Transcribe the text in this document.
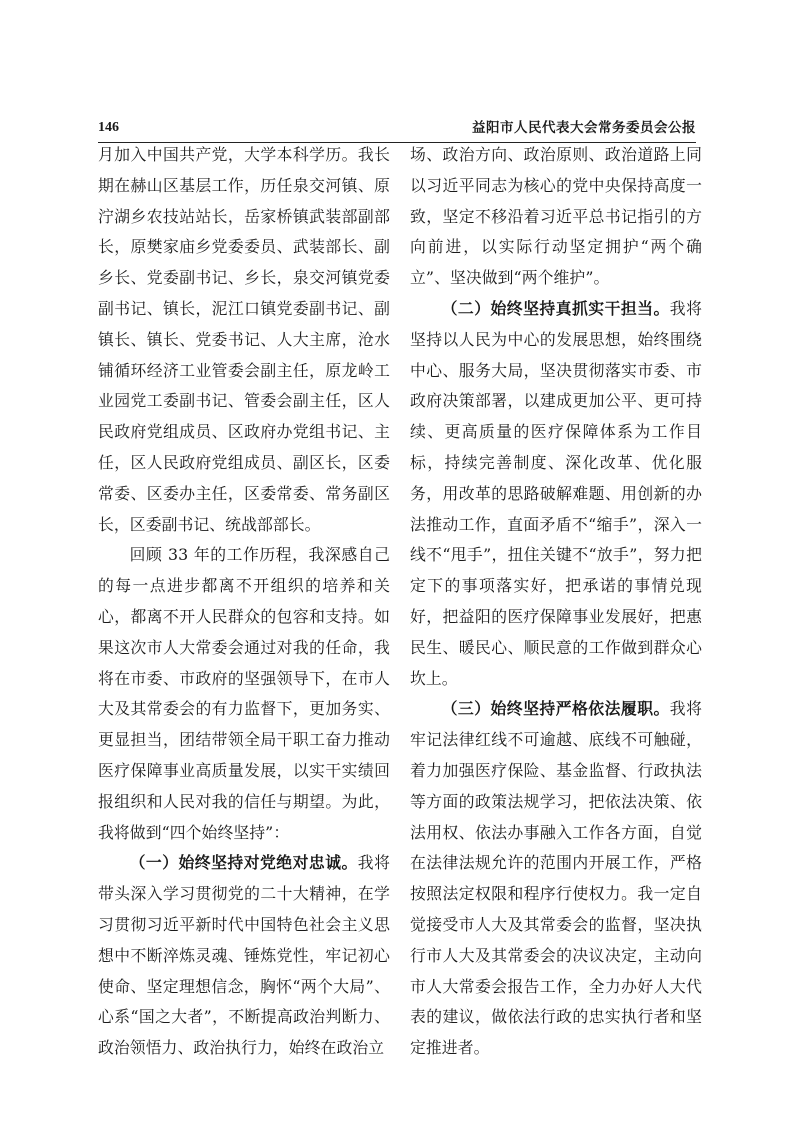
146	益阳市人民代表大会常务委员会公报

月加入中国共产党，大学本科学历。我长期在赫山区基层工作，历任泉交河镇、原泞湖乡农技站站长，岳家桥镇武装部副部长，原樊家庙乡党委委员、武装部长、副乡长、党委副书记、乡长，泉交河镇党委副书记、镇长，泥江口镇党委副书记、副镇长、镇长、党委书记、人大主席，沧水铺循环经济工业管委会副主任，原龙岭工业园党工委副书记、管委会副主任，区人民政府党组成员、区政府办党组书记、主任，区人民政府党组成员、副区长，区委常委、区委办主任，区委常委、常务副区长，区委副书记、统战部部长。

回顾 33 年的工作历程，我深感自己的每一点进步都离不开组织的培养和关心，都离不开人民群众的包容和支持。如果这次市人大常委会通过对我的任命，我将在市委、市政府的坚强领导下，在市人大及其常委会的有力监督下，更加务实、更显担当，团结带领全局干职工奋力推动医疗保障事业高质量发展，以实干实绩回报组织和人民对我的信任与期望。为此，我将做到“四个始终坚持”：

（一）始终坚持对党绝对忠诚。我将带头深入学习贯彻党的二十大精神，在学习贯彻习近平新时代中国特色社会主义思想中不断淬炼灵魂、锤炼党性，牢记初心使命、坚定理想信念，胸怀“两个大局”、心系“国之大者”，不断提高政治判断力、政治领悟力、政治执行力，始终在政治立

场、政治方向、政治原则、政治道路上同以习近平同志为核心的党中央保持高度一致，坚定不移沿着习近平总书记指引的方向前进，以实际行动坚定拥护“两个确立”、坚决做到“两个维护”。

（二）始终坚持真抓实干担当。我将坚持以人民为中心的发展思想，始终围绕中心、服务大局，坚决贯彻落实市委、市政府决策部署，以建成更加公平、更可持续、更高质量的医疗保障体系为工作目标，持续完善制度、深化改革、优化服务，用改革的思路破解难题、用创新的办法推动工作，直面矛盾不“缩手”，深入一线不“甩手”，扭住关键不“放手”，努力把定下的事项落实好，把承诺的事情兑现好，把益阳的医疗保障事业发展好，把惠民生、暖民心、顺民意的工作做到群众心坎上。

（三）始终坚持严格依法履职。我将牢记法律红线不可逾越、底线不可触碰，着力加强医疗保险、基金监督、行政执法等方面的政策法规学习，把依法决策、依法用权、依法办事融入工作各方面，自觉在法律法规允许的范围内开展工作，严格按照法定权限和程序行使权力。我一定自觉接受市人大及其常委会的监督，坚决执行市人大及其常委会的决议决定，主动向市人大常委会报告工作，全力办好人大代表的建议，做依法行政的忠实执行者和坚定推进者。
